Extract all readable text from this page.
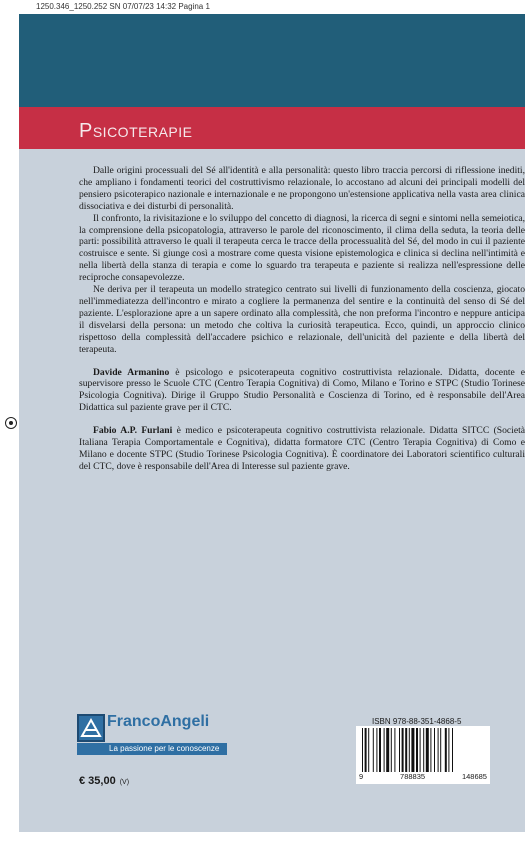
1250.346_1250.252 SN 07/07/23 14:32 Pagina 1
Psicoterapie

Dalle origini processuali del Sé all'identità e alla personalità: questo libro traccia percorsi di riflessione inediti, che ampliano i fondamenti teorici del costruttivismo relazionale, lo accostano ad alcuni dei principali modelli del pensiero psicoterapico nazionale e internazionale e ne propongono un'estensione applicativa nella vasta area clinica dissociativa e dei disturbi di personalità.

Il confronto, la rivisitazione e lo sviluppo del concetto di diagnosi, la ricerca di segni e sintomi nella semeiotica, la comprensione della psicopatologia, attraverso le parole del riconoscimento, il clima della seduta, la teoria delle parti: possibilità attraverso le quali il terapeuta cerca le tracce della processualità del Sé, del modo in cui il paziente costruisce e sente. Si giunge così a mostrare come questa visione epistemologica e clinica si declina nell'intimità e nella libertà della stanza di terapia e come lo sguardo tra terapeuta e paziente si realizza nell'espressione delle reciproche consapevolezze.

Ne deriva per il terapeuta un modello strategico centrato sui livelli di funzionamento della coscienza, giocato nell'immediatezza dell'incontro e mirato a cogliere la permanenza del sentire e la continuità del senso di Sé del paziente. L'esplorazione apre a un sapere ordinato alla complessità, che non preforma l'incontro e neppure anticipa il disvelarsi della persona: un metodo che coltiva la curiosità terapeutica. Ecco, quindi, un approccio clinico rispettoso della complessità dell'accadere psichico e relazionale, dell'unicità del paziente e della libertà del terapeuta.

Davide Armanino è psicologo e psicoterapeuta cognitivo costruttivista relazionale. Didatta, docente e supervisore presso le Scuole CTC (Centro Terapia Cognitiva) di Como, Milano e Torino e STPC (Studio Torinese Psicologia Cognitiva). Dirige il Gruppo Studio Personalità e Coscienza di Torino, ed è responsabile dell'Area Didattica sul paziente grave per il CTC.

Fabio A.P. Furlani è medico e psicoterapeuta cognitivo costruttivista relazionale. Didatta SITCC (Società Italiana Terapia Comportamentale e Cognitiva), didatta formatore CTC (Centro Terapia Cognitiva) di Como e Milano e docente STPC (Studio Torinese Psicologia Cognitiva). È coordinatore dei Laboratori scientifico culturali del CTC, dove è responsabile dell'Area di Interesse sul paziente grave.

FrancoAngeli
La passione per le conoscenze
ISBN 978-88-351-4868-5
9	788835	148685
€ 35,00 (V)
